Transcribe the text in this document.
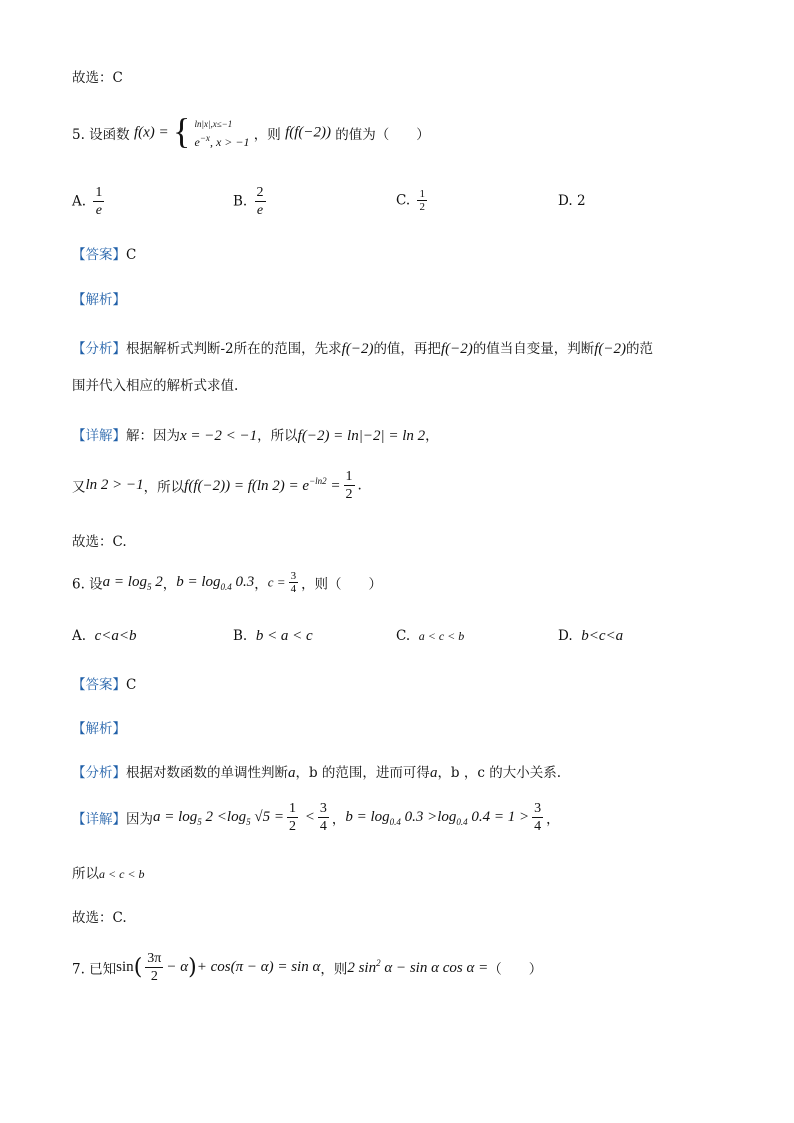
故选：C
5. 设函数 f(x) = { ln|x|,x≤−1
$e^{-x}$, x > −1 ，则 f(f(−2)) 的值为（　　）
A. $\frac{1}{e}$	B. $\frac{2}{e}$	C. $\frac{1}{2}$	D. 2
【答案】C
【解析】
【分析】根据解析式判断-2所在的范围，先求f(−2)的值，再把f(−2)的值当自变量，判断f(−2)的范
围并代入相应的解析式求值.
【详解】解：因为x = −2 < −1，所以f(−2) = ln|−2| = ln 2，
又ln 2 > −1，所以f(f(−2)) = f(ln $2) = e^{-ln2} = \frac{1}{2}$ .
故选：C.
6. 设$a = \log_5 2$，$b = \log_{0.4} 0.3$，$c = \frac{3}{4}$ ，则（　　）
A. c<a<b	B. b < a < c	C. a < c < b	D. b<c<a
【答案】C
【解析】
【分析】根据对数函数的单调性判断a，b 的范围，进而可得a，b ，c 的大小关系.
【详解】因为$a = \log_5 2 <\log_5$ $√5 = \frac{1}{2} < \frac{3}{4}$ ，$b = \log_{0.4} 0.3 >\log_{0.4}$ $0.4 = 1 > \frac{3}{4}$ ，
所以a < c < b
故选：C.
7. 已知$\sin( \frac{3\pi}{2} - \alpha)+ \cos(\pi - \alpha) = \sin \alpha$，则2 $\sin^2 \alpha - \sin \alpha$ cos α =（　　）
